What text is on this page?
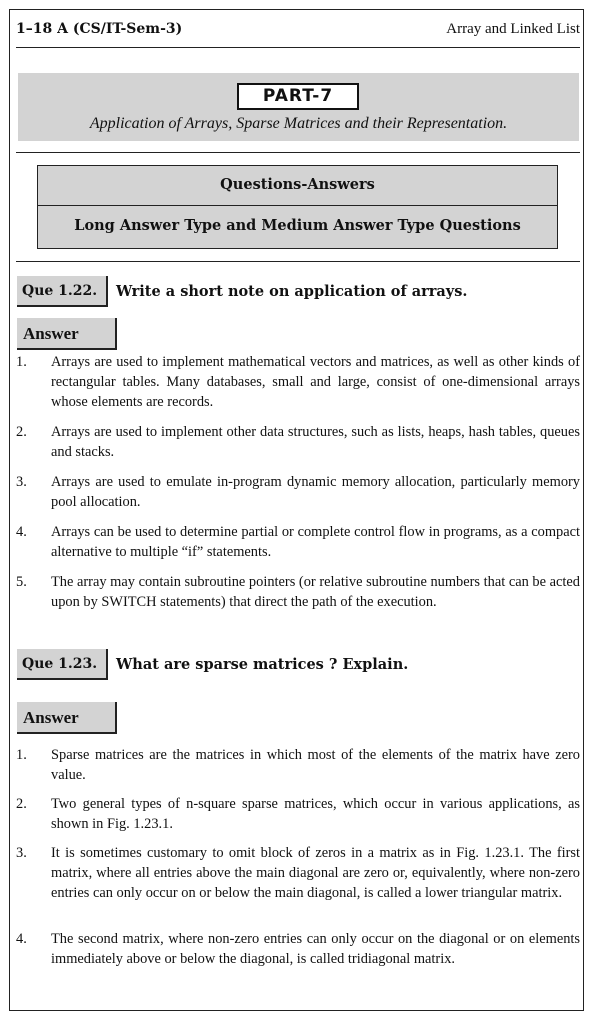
1–18 A (CS/IT-Sem-3)	Array and Linked List
PART-7
Application of Arrays, Sparse Matrices and their Representation.
Questions-Answers
Long Answer Type and Medium Answer Type Questions
Que 1.22.	Write a short note on application of arrays.
Answer
1. Arrays are used to implement mathematical vectors and matrices, as well as other kinds of rectangular tables. Many databases, small and large, consist of one-dimensional arrays whose elements are records.
2. Arrays are used to implement other data structures, such as lists, heaps, hash tables, queues and stacks.
3. Arrays are used to emulate in-program dynamic memory allocation, particularly memory pool allocation.
4. Arrays can be used to determine partial or complete control flow in programs, as a compact alternative to multiple “if” statements.
5. The array may contain subroutine pointers (or relative subroutine numbers that can be acted upon by SWITCH statements) that direct the path of the execution.
Que 1.23.	What are sparse matrices ? Explain.
Answer
1. Sparse matrices are the matrices in which most of the elements of the matrix have zero value.
2. Two general types of n-square sparse matrices, which occur in various applications, as shown in Fig. 1.23.1.
3. It is sometimes customary to omit block of zeros in a matrix as in Fig. 1.23.1. The first matrix, where all entries above the main diagonal are zero or, equivalently, where non-zero entries can only occur on or below the main diagonal, is called a lower triangular matrix.
4. The second matrix, where non-zero entries can only occur on the diagonal or on elements immediately above or below the diagonal, is called tridiagonal matrix.
